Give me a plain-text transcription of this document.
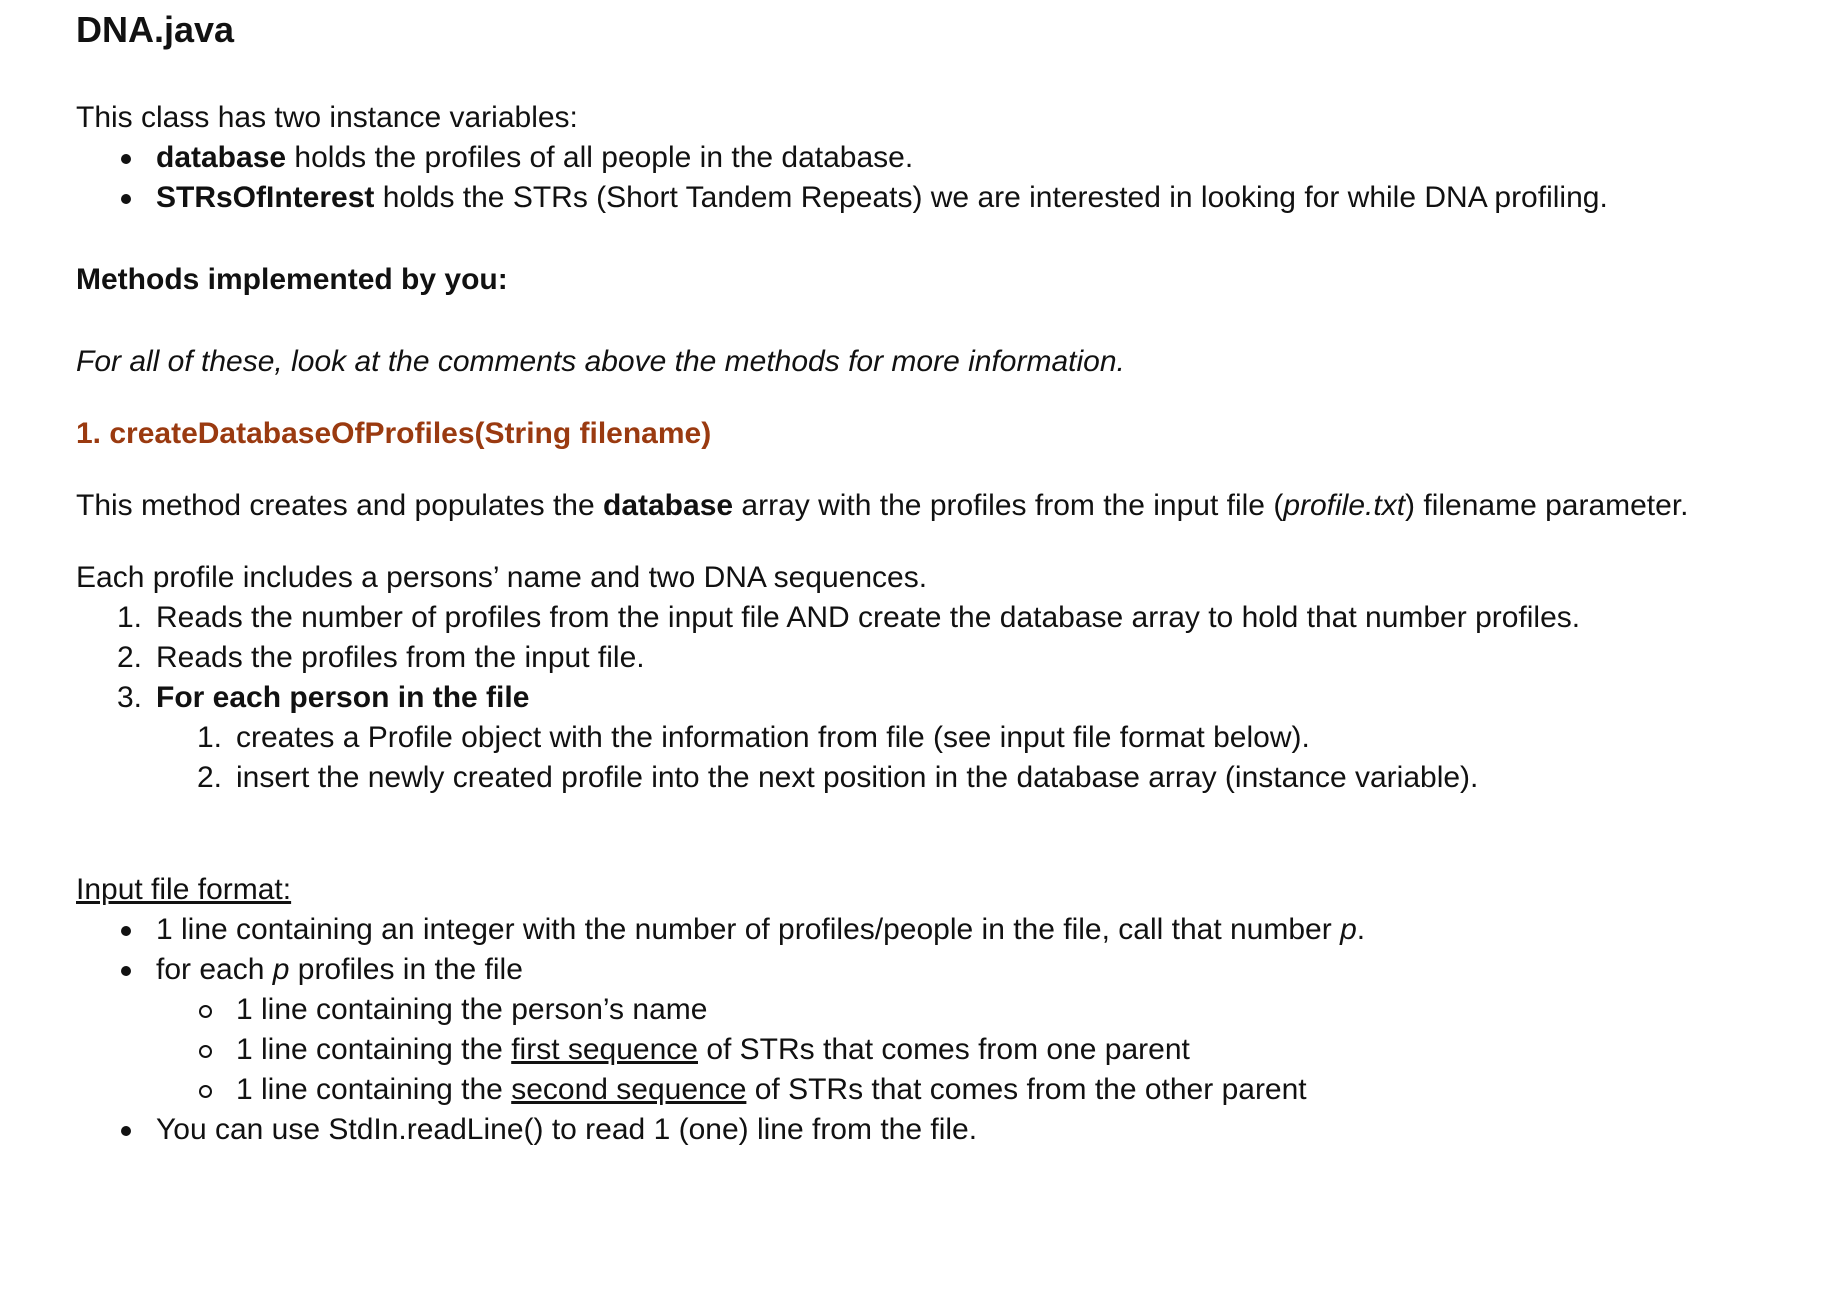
DNA.java

This class has two instance variables:

database holds the profiles of all people in the database.
STRsOfInterest holds the STRs (Short Tandem Repeats) we are interested in looking for while DNA profiling.

Methods implemented by you:

For all of these, look at the comments above the methods for more information.

1. createDatabaseOfProfiles(String filename)

This method creates and populates the database array with the profiles from the input file (profile.txt) filename parameter.

Each profile includes a persons’ name and two DNA sequences.

1. Reads the number of profiles from the input file AND create the database array to hold that number profiles.
2. Reads the profiles from the input file.
3. For each person in the file
1. creates a Profile object with the information from file (see input file format below).
2. insert the newly created profile into the next position in the database array (instance variable).

Input file format:

1 line containing an integer with the number of profiles/people in the file, call that number p.
for each p profiles in the file
1 line containing the person’s name
1 line containing the first sequence of STRs that comes from one parent
1 line containing the second sequence of STRs that comes from the other parent
You can use StdIn.readLine() to read 1 (one) line from the file.
